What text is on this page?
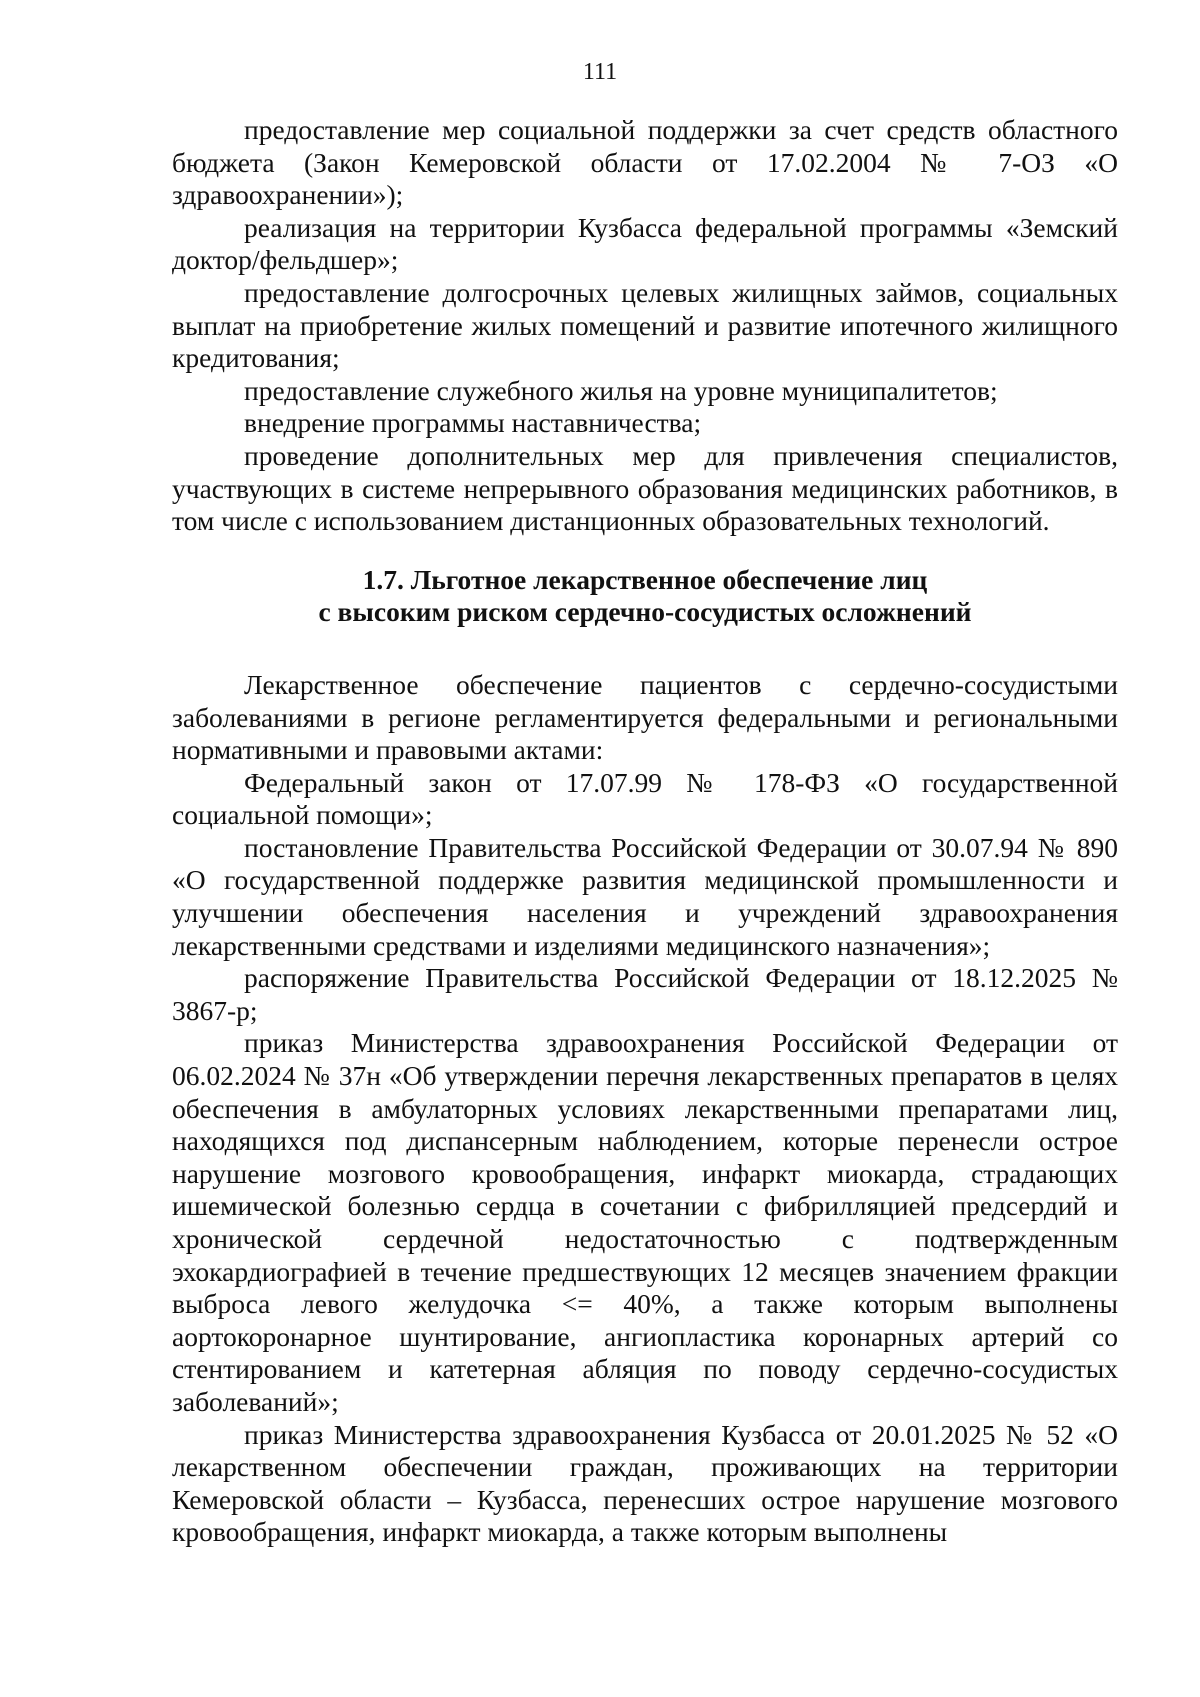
111

предоставление мер социальной поддержки за счет средств областного бюджета (Закон Кемеровской области от 17.02.2004 № 7-ОЗ «О здравоохранении»);

реализация на территории Кузбасса федеральной программы «Земский доктор/фельдшер»;

предоставление долгосрочных целевых жилищных займов, социальных выплат на приобретение жилых помещений и развитие ипотечного жилищного кредитования;

предоставление служебного жилья на уровне муниципалитетов;

внедрение программы наставничества;

проведение дополнительных мер для привлечения специалистов, участвующих в системе непрерывного образования медицинских работников, в том числе с использованием дистанционных образовательных технологий.

1.7. Льготное лекарственное обеспечение лиц
с высоким риском сердечно-сосудистых осложнений

Лекарственное обеспечение пациентов с сердечно-сосудистыми заболеваниями в регионе регламентируется федеральными и региональными нормативными и правовыми актами:

Федеральный закон от 17.07.99 № 178-ФЗ «О государственной социальной помощи»;

постановление Правительства Российской Федерации от 30.07.94 № 890 «О государственной поддержке развития медицинской промышленности и улучшении обеспечения населения и учреждений здравоохранения лекарственными средствами и изделиями медицинского назначения»;

распоряжение Правительства Российской Федерации от 18.12.2025 № 3867-р;

приказ Министерства здравоохранения Российской Федерации от 06.02.2024 № 37н «Об утверждении перечня лекарственных препаратов в целях обеспечения в амбулаторных условиях лекарственными препаратами лиц, находящихся под диспансерным наблюдением, которые перенесли острое нарушение мозгового кровообращения, инфаркт миокарда, страдающих ишемической болезнью сердца в сочетании с фибрилляцией предсердий и хронической сердечной недостаточностью с подтвержденным эхокардиографией в течение предшествующих 12 месяцев значением фракции выброса левого желудочка <= 40%, а также которым выполнены аортокоронарное шунтирование, ангиопластика коронарных артерий со стентированием и катетерная абляция по поводу сердечно-сосудистых заболеваний»;

приказ Министерства здравоохранения Кузбасса от 20.01.2025 № 52 «О лекарственном обеспечении граждан, проживающих на территории Кемеровской области – Кузбасса, перенесших острое нарушение мозгового кровообращения, инфаркт миокарда, а также которым выполнены
